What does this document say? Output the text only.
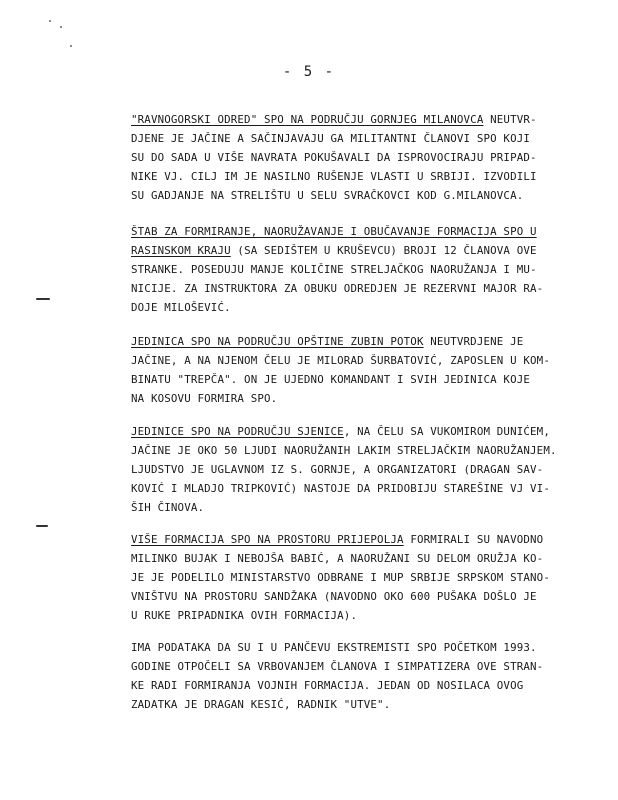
- 5 -
"RAVNOGORSKI ODRED" SPO NA PODRUČJU GORNJEG MILANOVCA NEUTVR-
DJENE JE JAČINE A SAČINJAVAJU GA MILITANTNI ČLANOVI SPO KOJI
SU DO SADA U VIŠE NAVRATA POKUŠAVALI DA ISPROVOCIRAJU PRIPAD-
NIKE VJ. CILJ IM JE NASILNO RUŠENJE VLASTI U SRBIJI. IZVODILI
SU GADJANJE NA STRELIŠTU U SELU SVRAČKOVCI KOD G.MILANOVCA.
ŠTAB ZA FORMIRANJE, NAORUŽAVANJE I OBUČAVANJE FORMACIJA SPO U
RASINSKOM KRAJU (SA SEDIŠTEM U KRUŠEVCU) BROJI 12 ČLANOVA OVE
STRANKE. POSEDUJU MANJE KOLIČINE STRELJAČKOG NAORUŽANJA I MU-
NICIJE. ZA INSTRUKTORA ZA OBUKU ODREDJEN JE REZERVNI MAJOR RA-
DOJE MILOŠEVIĆ.
JEDINICA SPO NA PODRUČJU OPŠTINE ZUBIN POTOK NEUTVRDJENE JE
JAČINE, A NA NJENOM ČELU JE MILORAD ŠURBATOVIĆ, ZAPOSLEN U KOM-
BINATU "TREPČA". ON JE UJEDNO KOMANDANT I SVIH JEDINICA KOJE
NA KOSOVU FORMIRA SPO.
JEDINICE SPO NA PODRUČJU SJENICE, NA ČELU SA VUKOMIROM DUNIĆEM,
JAČINE JE OKO 50 LJUDI NAORUŽANIH LAKIM STRELJAČKIM NAORUŽANJEM.
LJUDSTVO JE UGLAVNOM IZ S. GORNJE, A ORGANIZATORI (DRAGAN SAV-
KOVIĆ I MLADJO TRIPKOVIĆ) NASTOJE DA PRIDOBIJU STAREŠINE VJ VI-
ŠIH ČINOVA.
VIŠE FORMACIJA SPO NA PROSTORU PRIJEPOLJA FORMIRALI SU NAVODNO
MILINKO BUJAK I NEBOJŠA BABIĆ, A NAORUŽANI SU DELOM ORUŽJA KO-
JE JE PODELILO MINISTARSTVO ODBRANE I MUP SRBIJE SRPSKOM STANO-
VNIŠTVU NA PROSTORU SANDŽAKA (NAVODNO OKO 600 PUŠAKA DOŠLO JE
U RUKE PRIPADNIKA OVIH FORMACIJA).
IMA PODATAKA DA SU I U PANČEVU EKSTREMISTI SPO POČETKOM 1993.
GODINE OTPOČELI SA VRBOVANJEM ČLANOVA I SIMPATIZERA OVE STRAN-
KE RADI FORMIRANJA VOJNIH FORMACIJA. JEDAN OD NOSILACA OVOG
ZADATKA JE DRAGAN KESIĆ, RADNIK "UTVE".
